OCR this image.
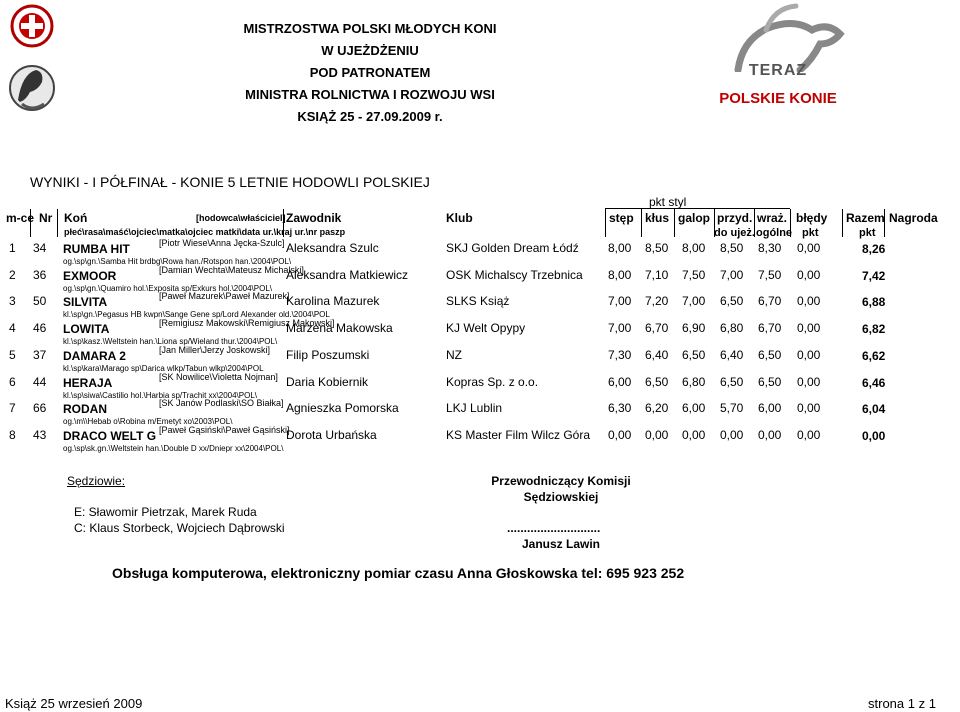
MISTRZOSTWA POLSKI MŁODYCH KONI
W UJEŻDŻENIU
POD PATRONATEM
MINISTRA ROLNICTWA I ROZWOJU WSI
KSIĄŻ 25 - 27.09.2009 r.
TERAZ
POLSKIE KONIE
WYNIKI - I PÓŁFINAŁ - KONIE 5 LETNIE HODOWLI POLSKIEJ
pkt styl
m-ce Nr Koń	[hodowca\właściciel] Zawodnik	Klub	stęp kłus galop przyd. wraż. błędy Razem Nagroda
płeć\rasa\maść\ojciec\matka\ojciec matki\data ur.\kraj ur.\nr paszp	do ujeż. ogólne pkt	pkt
1 34 RUMBA HIT	[Piotr Wiese\Anna Jęcka-Szulc]
og.\sp\gn.\Samba Hit brdbg\Rowa han./Rotspon han.\2004\POL\
Aleksandra Szulc	SKJ Golden Dream Łódź 8,00 8,50 8,00 8,50 8,30 0,00	8,26
2 36 EXMOOR	[Damian Wechta\Mateusz Michalski]
og.\sp\gn.\Quamiro hol.\Exposita sp/Exkurs hol.\2004\POL\
Aleksandra Matkiewicz	OSK Michalscy Trzebnica 8,00 7,10 7,50 7,00 7,50 0,00	7,42
3 50 SILVITA	[Paweł Mazurek\Paweł Mazurek]
kl.\sp\gn.\Pegasus HB kwpn\Sange Gene sp/Lord Alexander old.\2004\POL
Karolina Mazurek	SLKS Książ	7,00 7,20 7,00 6,50 6,70 0,00	6,88
4 46 LOWITA	[Remigiusz Makowski\Remigiusz Makowski]
kl.\sp\kasz.\Weltstein han.\Liona sp/Wieland thur.\2004\POL\
Marzena Makowska	KJ Welt Opypy	7,00 6,70 6,90 6,80 6,70 0,00	6,82
5 37 DAMARA 2	[Jan Miller\Jerzy Joskowski]
kl.\sp\kara\Marago sp\Darica wlkp/Tabun wlkp\2004\POL
Filip Poszumski	NZ	7,30 6,40 6,50 6,40 6,50 0,00	6,62
6 44 HERAJA	[SK Nowilice\Violetta Nojman]
kl.\sp\siwa\Castilio hol.\Harbia sp/Trachit xx\2004\POL\
Daria Kobiernik	Kopras Sp. z o.o.	6,00 6,50 6,80 6,50 6,50 0,00	6,46
7 66 RODAN	[SK Janów Podlaski\SO Białka]
og.\m\\Hebab o\Robina m/Emetyt xo\2003\POL\
Agnieszka Pomorska	LKJ Lublin	6,30 6,20 6,00 5,70 6,00 0,00	6,04
8 43 DRACO WELT G [Paweł Gąsiński\Paweł Gąsiński]
og.\sp\sk.gn.\Weltstein han.\Double D xx/Dniepr xx\2004\POL\
Dorota Urbańska	KS Master Film Wilcz Góra 0,00 0,00 0,00 0,00 0,00 0,00	0,00
Sędziowie:
E: Sławomir Pietrzak, Marek Ruda
C: Klaus Storbeck, Wojciech Dąbrowski
Przewodniczący Komisji
Sędziowskiej
............................
Janusz Lawin
Obsługa komputerowa, elektroniczny pomiar czasu Anna Głoskowska tel: 695 923 252
Książ 25 wrzesień 2009	strona 1 z 1
